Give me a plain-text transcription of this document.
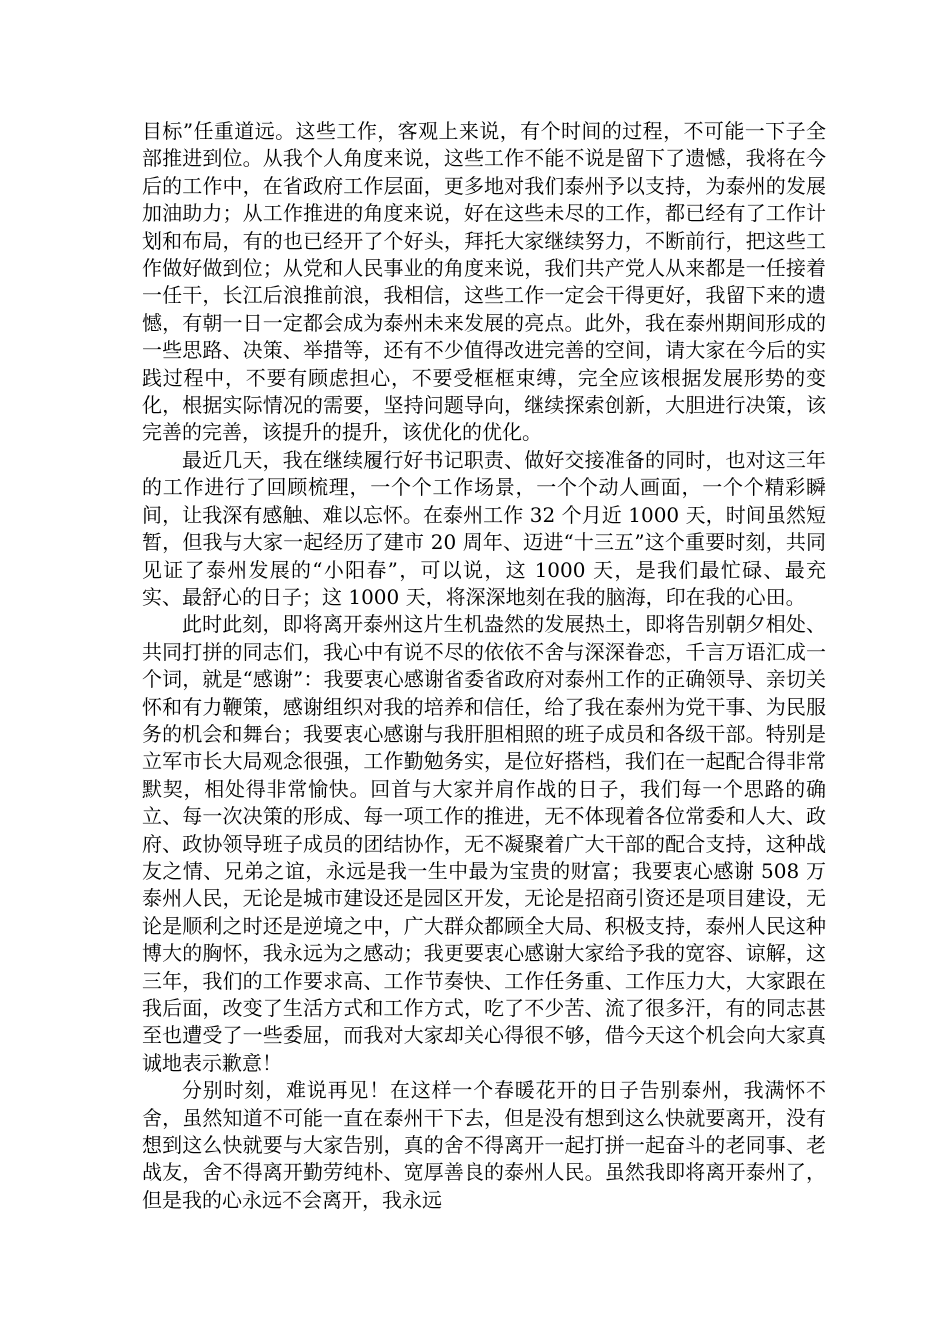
目标”任重道远。这些工作，客观上来说，有个时间的过程，不可能一下子全部推进到位。从我个人角度来说，这些工作不能不说是留下了遗憾，我将在今后的工作中，在省政府工作层面，更多地对我们泰州予以支持，为泰州的发展加油助力；从工作推进的角度来说，好在这些未尽的工作，都已经有了工作计划和布局，有的也已经开了个好头，拜托大家继续努力，不断前行，把这些工作做好做到位；从党和人民事业的角度来说，我们共产党人从来都是一任接着一任干，长江后浪推前浪，我相信，这些工作一定会干得更好，我留下来的遗憾，有朝一日一定都会成为泰州未来发展的亮点。此外，我在泰州期间形成的一些思路、决策、举措等，还有不少值得改进完善的空间，请大家在今后的实践过程中，不要有顾虑担心，不要受框框束缚，完全应该根据发展形势的变化，根据实际情况的需要，坚持问题导向，继续探索创新，大胆进行决策，该完善的完善，该提升的提升，该优化的优化。

最近几天，我在继续履行好书记职责、做好交接准备的同时，也对这三年的工作进行了回顾梳理，一个个工作场景，一个个动人画面，一个个精彩瞬间，让我深有感触、难以忘怀。在泰州工作 32 个月近 1000 天，时间虽然短暂，但我与大家一起经历了建市 20 周年、迈进“十三五”这个重要时刻，共同见证了泰州发展的“小阳春”，可以说，这 1000 天，是我们最忙碌、最充实、最舒心的日子；这 1000 天，将深深地刻在我的脑海，印在我的心田。

此时此刻，即将离开泰州这片生机盎然的发展热土，即将告别朝夕相处、共同打拼的同志们，我心中有说不尽的依依不舍与深深眷恋，千言万语汇成一个词，就是“感谢”：我要衷心感谢省委省政府对泰州工作的正确领导、亲切关怀和有力鞭策，感谢组织对我的培养和信任，给了我在泰州为党干事、为民服务的机会和舞台；我要衷心感谢与我肝胆相照的班子成员和各级干部。特别是立军市长大局观念很强，工作勤勉务实，是位好搭档，我们在一起配合得非常默契，相处得非常愉快。回首与大家并肩作战的日子，我们每一个思路的确立、每一次决策的形成、每一项工作的推进，无不体现着各位常委和人大、政府、政协领导班子成员的团结协作，无不凝聚着广大干部的配合支持，这种战友之情、兄弟之谊，永远是我一生中最为宝贵的财富；我要衷心感谢 508 万泰州人民，无论是城市建设还是园区开发，无论是招商引资还是项目建设，无论是顺利之时还是逆境之中，广大群众都顾全大局、积极支持，泰州人民这种博大的胸怀，我永远为之感动；我更要衷心感谢大家给予我的宽容、谅解，这三年，我们的工作要求高、工作节奏快、工作任务重、工作压力大，大家跟在我后面，改变了生活方式和工作方式，吃了不少苦、流了很多汗，有的同志甚至也遭受了一些委屈，而我对大家却关心得很不够，借今天这个机会向大家真诚地表示歉意！

分别时刻，难说再见！在这样一个春暖花开的日子告别泰州，我满怀不舍，虽然知道不可能一直在泰州干下去，但是没有想到这么快就要离开，没有想到这么快就要与大家告别，真的舍不得离开一起打拼一起奋斗的老同事、老战友，舍不得离开勤劳纯朴、宽厚善良的泰州人民。虽然我即将离开泰州了，但是我的心永远不会离开，我永远
